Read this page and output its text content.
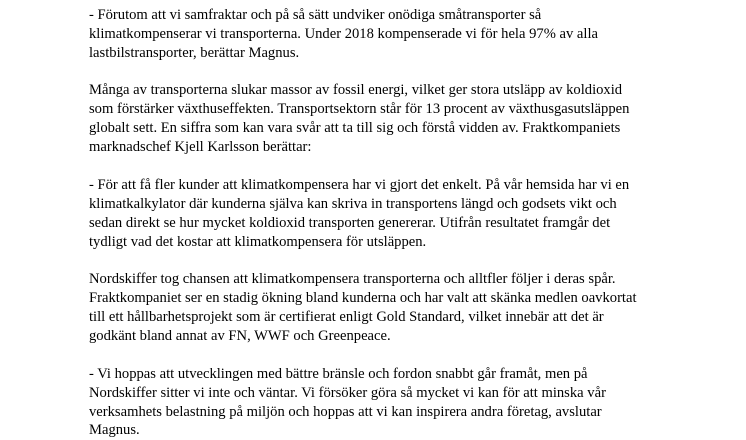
- Förutom att vi samfraktar och på så sätt undviker onödiga småtransporter så
klimatkompenserar vi transporterna. Under 2018 kompenserade vi för hela 97% av alla
lastbilstransporter, berättar Magnus.
Många av transporterna slukar massor av fossil energi, vilket ger stora utsläpp av koldioxid
som förstärker växthuseffekten. Transportsektorn står för 13 procent av växthusgasutsläppen
globalt sett. En siffra som kan vara svår att ta till sig och förstå vidden av. Fraktkompaniets
marknadschef Kjell Karlsson berättar:
- För att få fler kunder att klimatkompensera har vi gjort det enkelt. På vår hemsida har vi en
klimatkalkylator där kunderna själva kan skriva in transportens längd och godsets vikt och
sedan direkt se hur mycket koldioxid transporten genererar. Utifrån resultatet framgår det
tydligt vad det kostar att klimatkompensera för utsläppen.
Nordskiffer tog chansen att klimatkompensera transporterna och alltfler följer i deras spår.
Fraktkompaniet ser en stadig ökning bland kunderna och har valt att skänka medlen oavkortat
till ett hållbarhetsprojekt som är certifierat enligt Gold Standard, vilket innebär att det är
godkänt bland annat av FN, WWF och Greenpeace.
- Vi hoppas att utvecklingen med bättre bränsle och fordon snabbt går framåt, men på
Nordskiffer sitter vi inte och väntar. Vi försöker göra så mycket vi kan för att minska vår
verksamhets belastning på miljön och hoppas att vi kan inspirera andra företag, avslutar
Magnus.
